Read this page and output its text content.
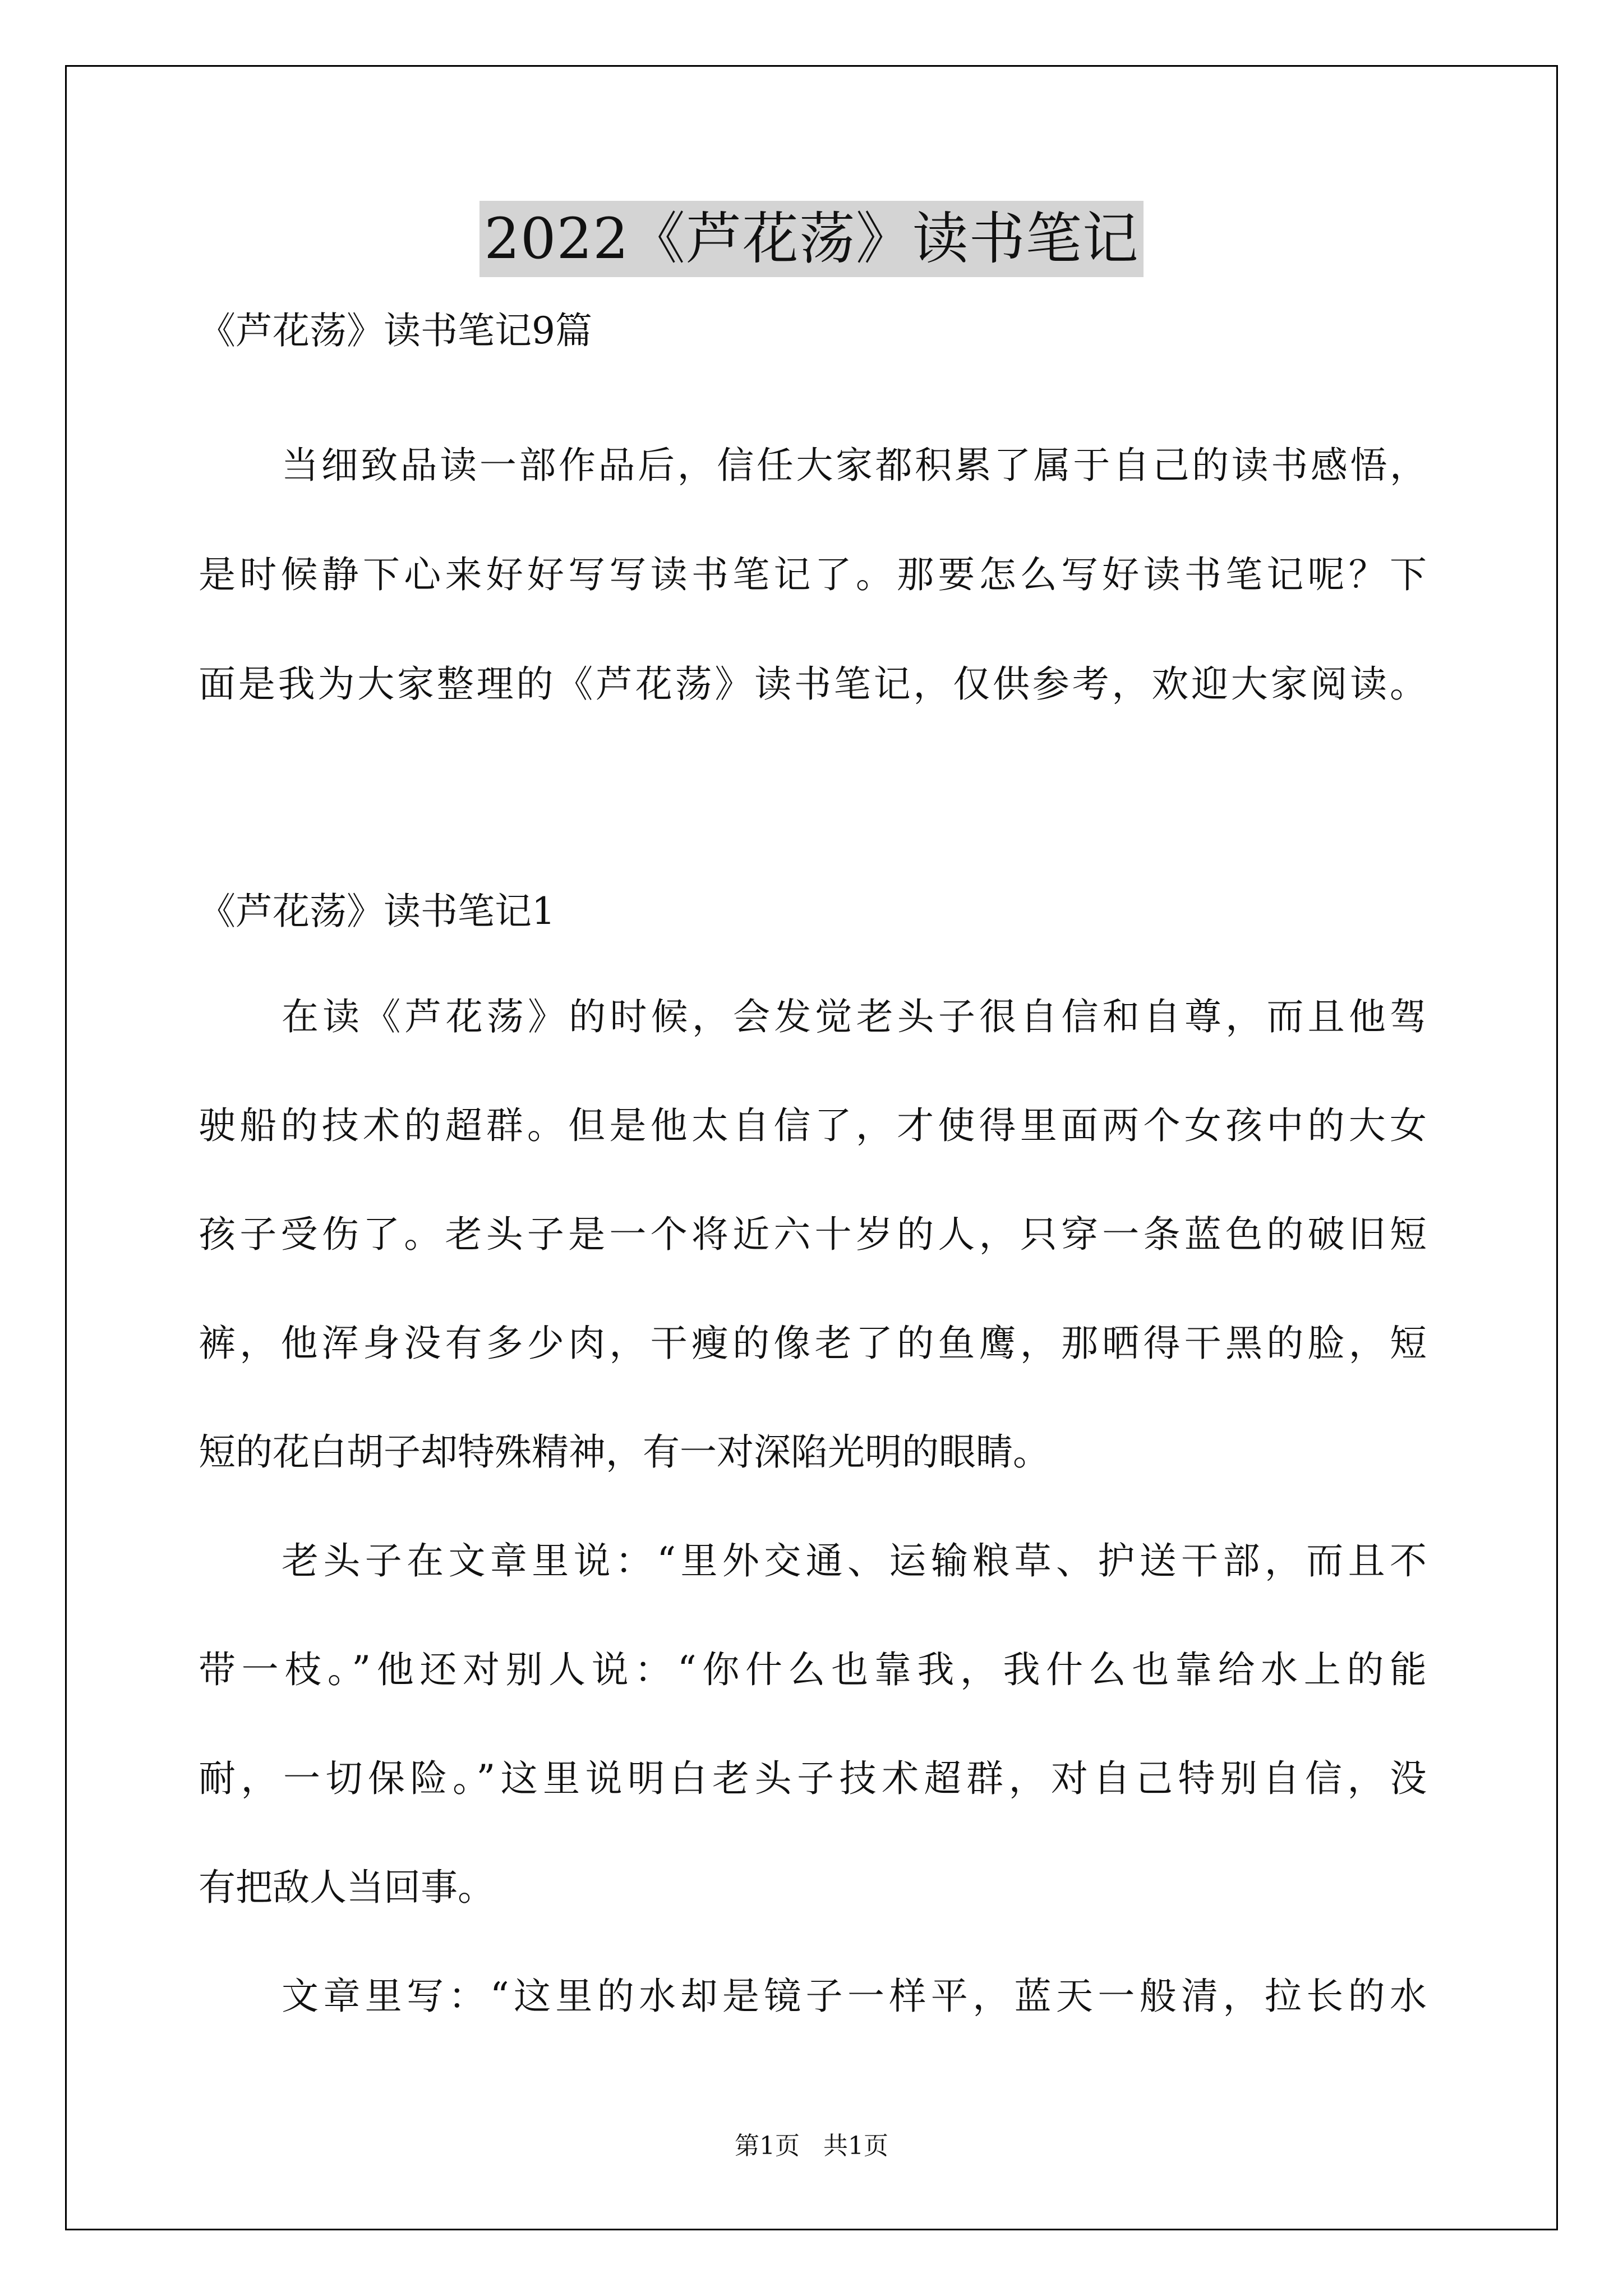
2022《芦花荡》读书笔记
《芦花荡》读书笔记9篇
当细致品读一部作品后，信任大家都积累了属于自己的读书感悟，
是时候静下心来好好写写读书笔记了。那要怎么写好读书笔记呢？下
面是我为大家整理的《芦花荡》读书笔记，仅供参考，欢迎大家阅读。
《芦花荡》读书笔记1
在读《芦花荡》的时候，会发觉老头子很自信和自尊，而且他驾
驶船的技术的超群。但是他太自信了，才使得里面两个女孩中的大女
孩子受伤了。老头子是一个将近六十岁的人，只穿一条蓝色的破旧短
裤，他浑身没有多少肉，干瘦的像老了的鱼鹰，那晒得干黑的脸，短
短的花白胡子却特殊精神，有一对深陷光明的眼睛。
老头子在文章里说：“里外交通、运输粮草、护送干部，而且不
带一枝。”他还对别人说：“你什么也靠我，我什么也靠给水上的能
耐，一切保险。”这里说明白老头子技术超群，对自己特别自信，没
有把敌人当回事。
文章里写：“这里的水却是镜子一样平，蓝天一般清，拉长的水
第1页   共1页
